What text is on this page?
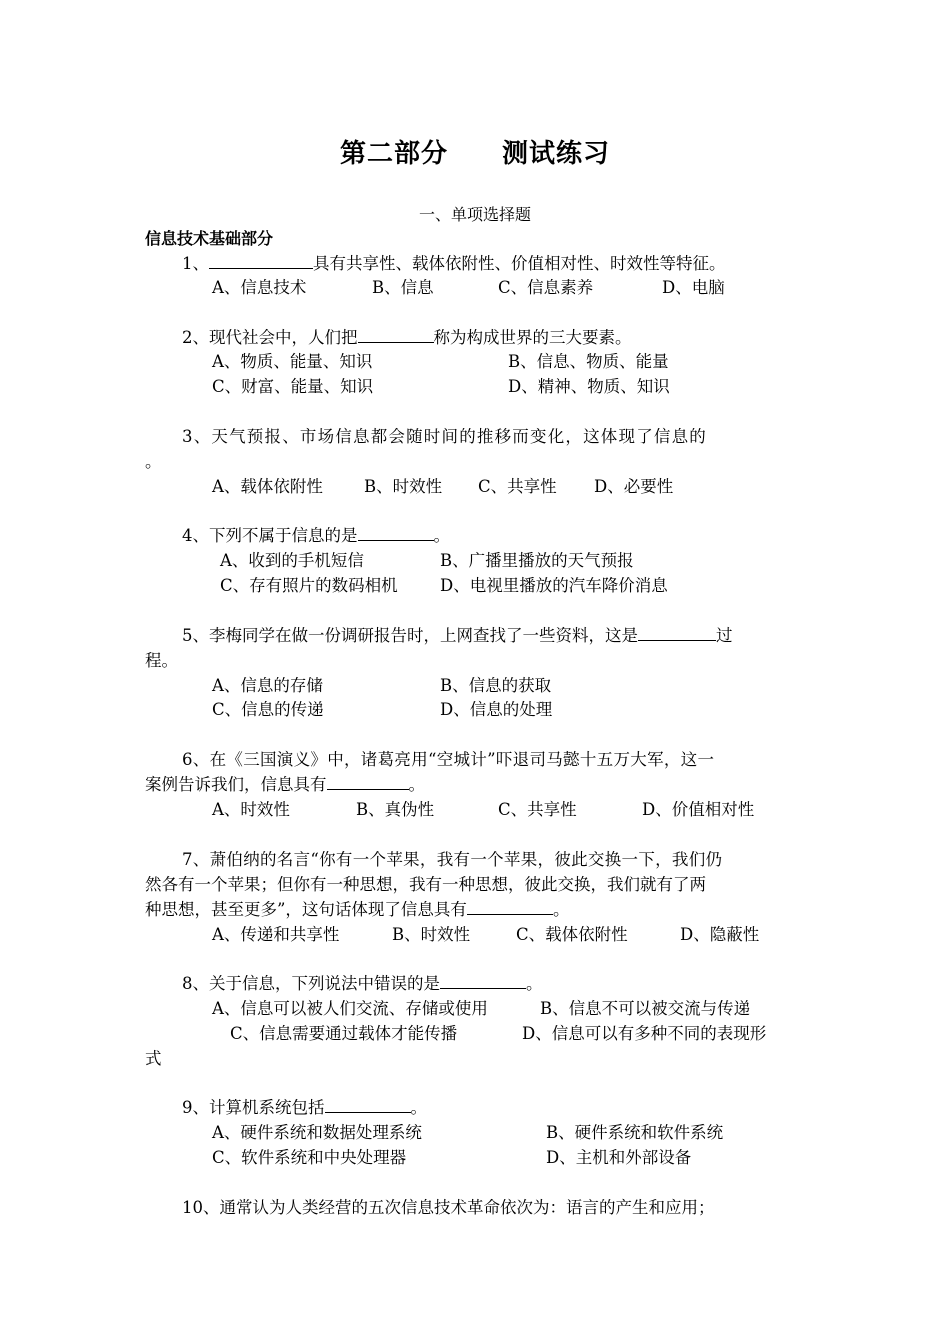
第二部分　　测试练习
一、单项选择题
信息技术基础部分
1、	具有共享性、载体依附性、价值相对性、时效性等特征。
A、信息技术	B、信息	C、信息素养	D、电脑
2、现代社会中，人们把	称为构成世界的三大要素。
A、物质、能量、知识	B、信息、物质、能量
C、财富、能量、知识	D、精神、物质、知识
3、天气预报、市场信息都会随时间的推移而变化，这体现了信息的
。
A、载体依附性 B、时效性 C、共享性 D、必要性
4、下列不属于信息的是	。
A、收到的手机短信	B、广播里播放的天气预报
C、存有照片的数码相机	D、电视里播放的汽车降价消息
5、李梅同学在做一份调研报告时，上网查找了一些资料，这是	过
程。
A、信息的存储	B、信息的获取
C、信息的传递	D、信息的处理
6、在《三国演义》中，诸葛亮用“空城计”吓退司马懿十五万大军，这一
案例告诉我们，信息具有	。
A、时效性	B、真伪性	C、共享性	D、价值相对性
7、萧伯纳的名言“你有一个苹果，我有一个苹果，彼此交换一下，我们仍
然各有一个苹果；但你有一种思想，我有一种思想，彼此交换，我们就有了两
种思想，甚至更多”，这句话体现了信息具有	。
A、传递和共享性	B、时效性	C、载体依附性	D、隐蔽性
8、关于信息，下列说法中错误的是	。
A、信息可以被人们交流、存储或使用	B、信息不可以被交流与传递
C、信息需要通过载体才能传播	D、信息可以有多种不同的表现形
式
9、计算机系统包括	。
A、硬件系统和数据处理系统	B、硬件系统和软件系统
C、软件系统和中央处理器	D、主机和外部设备
10、通常认为人类经营的五次信息技术革命依次为：语言的产生和应用；
